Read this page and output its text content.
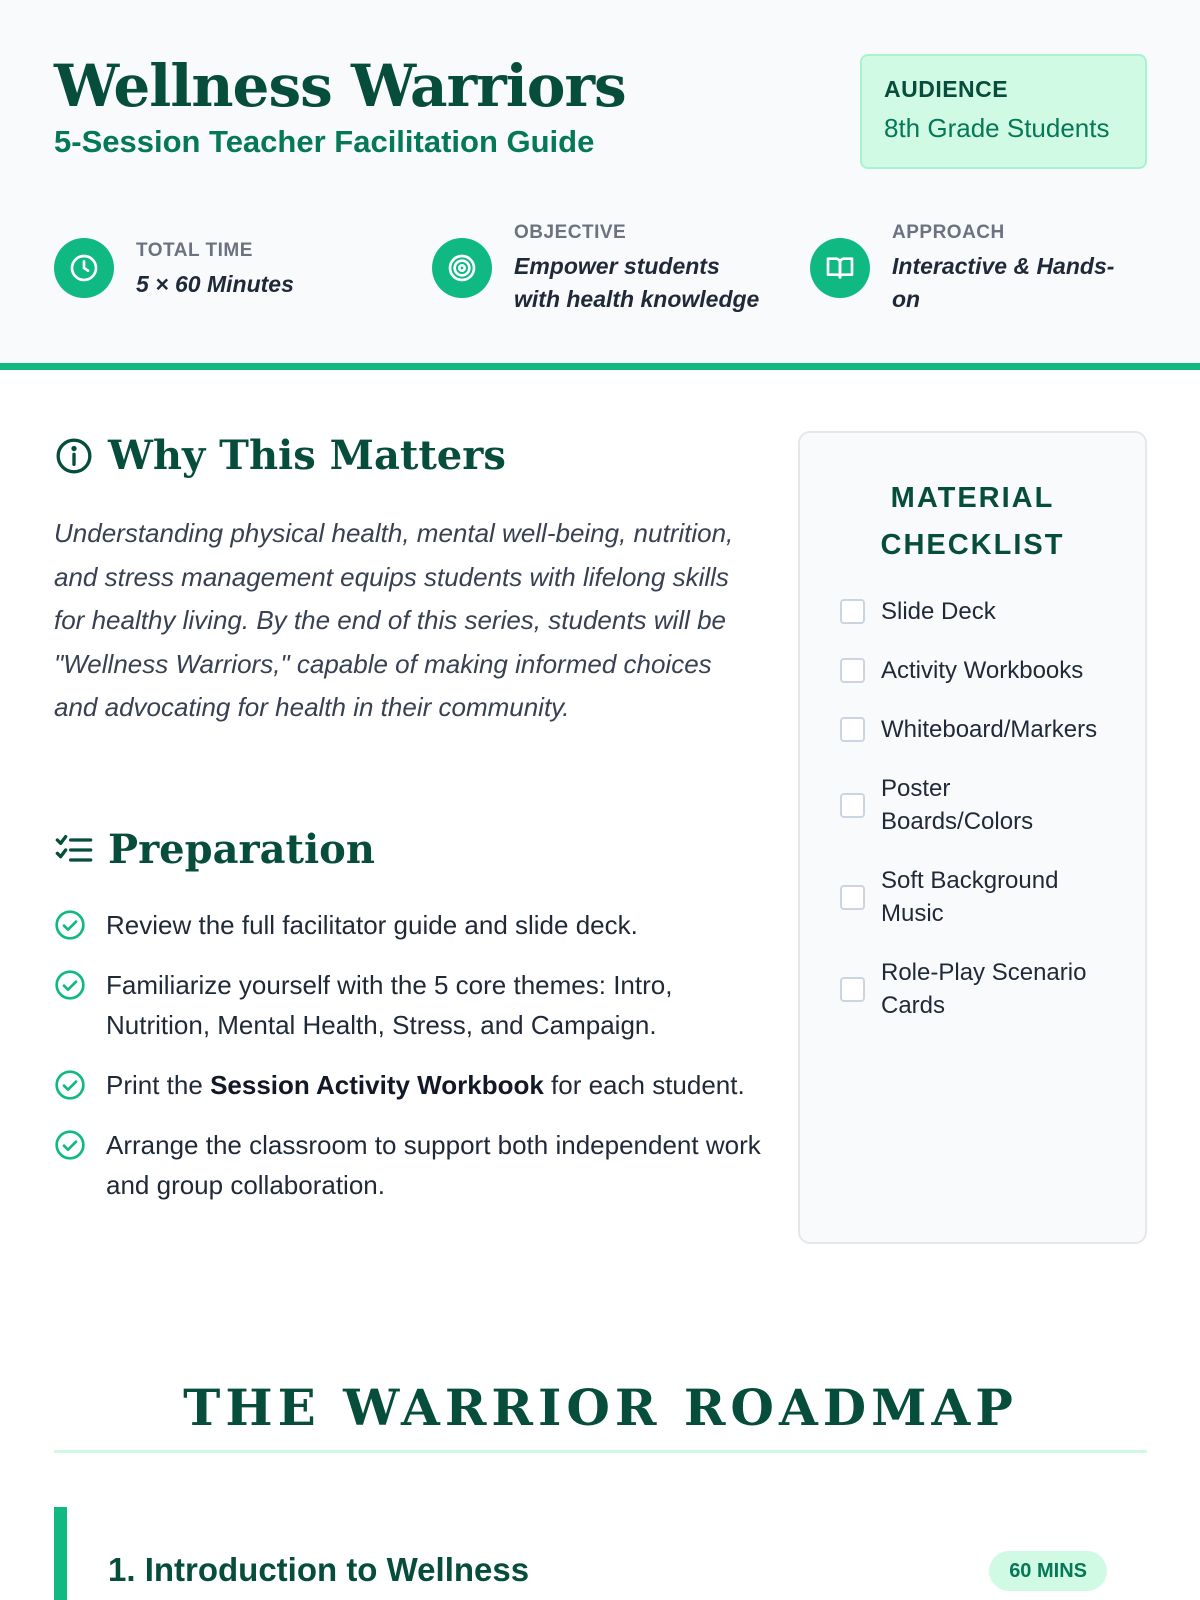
Wellness Warriors
5-Session Teacher Facilitation Guide
AUDIENCE
8th Grade Students
TOTAL TIME
5 × 60 Minutes
OBJECTIVE
Empower students with health knowledge
APPROACH
Interactive & Hands-on
Why This Matters
Understanding physical health, mental well-being, nutrition, and stress management equips students with lifelong skills for healthy living. By the end of this series, students will be "Wellness Warriors," capable of making informed choices and advocating for health in their community.
Preparation
Review the full facilitator guide and slide deck.
Familiarize yourself with the 5 core themes: Intro, Nutrition, Mental Health, Stress, and Campaign.
Print the Session Activity Workbook for each student.
Arrange the classroom to support both independent work and group collaboration.
MATERIAL CHECKLIST
Slide Deck
Activity Workbooks
Whiteboard/Markers
Poster Boards/Colors
Soft Background Music
Role-Play Scenario Cards
THE WARRIOR ROADMAP
1. Introduction to Wellness	60 MINS
